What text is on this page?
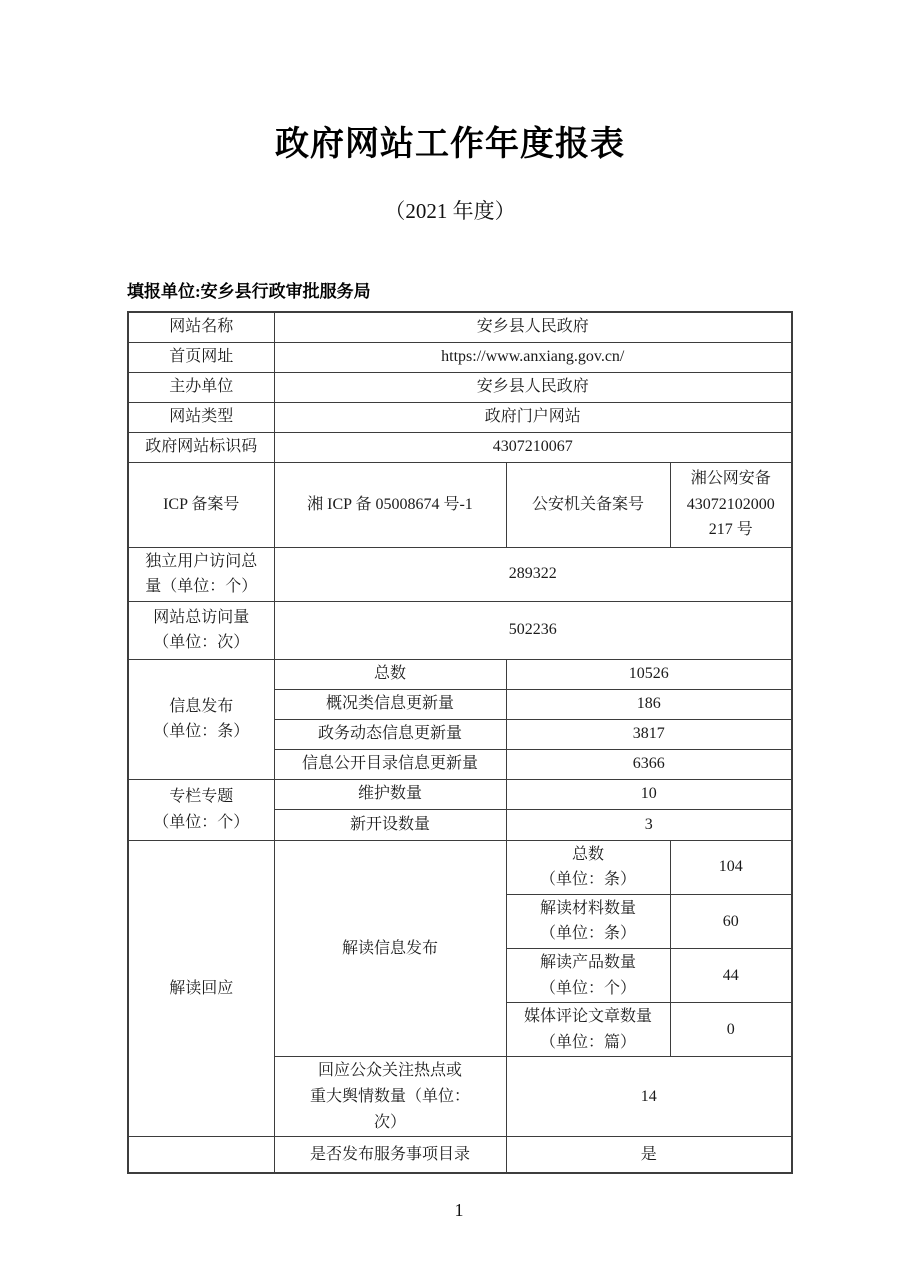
政府网站工作年度报表
（2021 年度）
填报单位:安乡县行政审批服务局
网站名称	安乡县人民政府		
首页网址	https://www.anxiang.gov.cn/		
主办单位	安乡县人民政府		
网站类型	政府门户网站		
政府网站标识码	4307210067		
ICP 备案号	湘 ICP 备 05008674 号-1	公安机关备案号	湘公网安备
43072102000
217 号
独立用户访问总
量（单位：个）	289322		
网站总访问量
（单位：次）	502236		
信息发布
（单位：条）	总数	10526	
	概况类信息更新量	186	
	政务动态信息更新量	3817	
	信息公开目录信息更新量	6366	
专栏专题
（单位：个）	维护数量	10	
	新开设数量	3	
解读回应	解读信息发布	总数
（单位：条）	104
		解读材料数量
（单位：条）	60
		解读产品数量
（单位：个）	44
		媒体评论文章数量
（单位：篇）	0
	回应公众关注热点或
重大舆情数量（单位：
次）	14	
	是否发布服务事项目录	是	
1
